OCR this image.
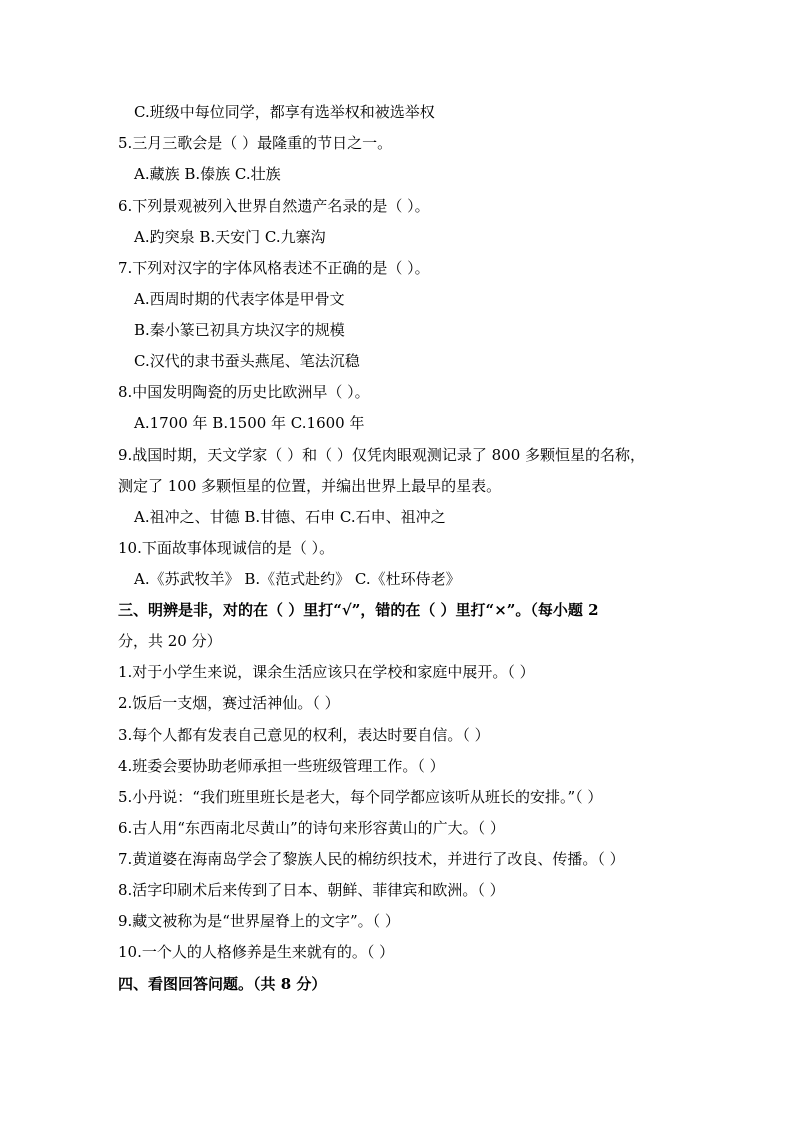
C.班级中每位同学，都享有选举权和被选举权
5.三月三歌会是（ ）最隆重的节日之一。
A.藏族 B.傣族 C.壮族
6.下列景观被列入世界自然遗产名录的是（ ）。
A.趵突泉 B.天安门 C.九寨沟
7.下列对汉字的字体风格表述不正确的是（ ）。
A.西周时期的代表字体是甲骨文
B.秦小篆已初具方块汉字的规模
C.汉代的隶书蚕头燕尾、笔法沉稳
8.中国发明陶瓷的历史比欧洲早（ ）。
A.1700 年 B.1500 年 C.1600 年
9.战国时期，天文学家（ ）和（ ）仅凭肉眼观测记录了 800 多颗恒星的名称，
测定了 100 多颗恒星的位置，并编出世界上最早的星表。
A.祖冲之、甘德 B.甘德、石申 C.石申、祖冲之
10.下面故事体现诚信的是（ ）。
A.《苏武牧羊》 B.《范式赴约》 C.《杜环侍老》
三、明辨是非，对的在（ ）里打“√”，错的在（ ）里打“×”。（每小题 2
分，共 20 分）
1.对于小学生来说，课余生活应该只在学校和家庭中展开。（ ）
2.饭后一支烟，赛过活神仙。（ ）
3.每个人都有发表自己意见的权利，表达时要自信。（ ）
4.班委会要协助老师承担一些班级管理工作。（ ）
5.小丹说：“我们班里班长是老大，每个同学都应该听从班长的安排。”（ ）
6.古人用“东西南北尽黄山”的诗句来形容黄山的广大。（ ）
7.黄道婆在海南岛学会了黎族人民的棉纺织技术，并进行了改良、传播。（ ）
8.活字印刷术后来传到了日本、朝鲜、菲律宾和欧洲。（ ）
9.藏文被称为是“世界屋脊上的文字”。（ ）
10.一个人的人格修养是生来就有的。（ ）
四、看图回答问题。（共 8 分）
